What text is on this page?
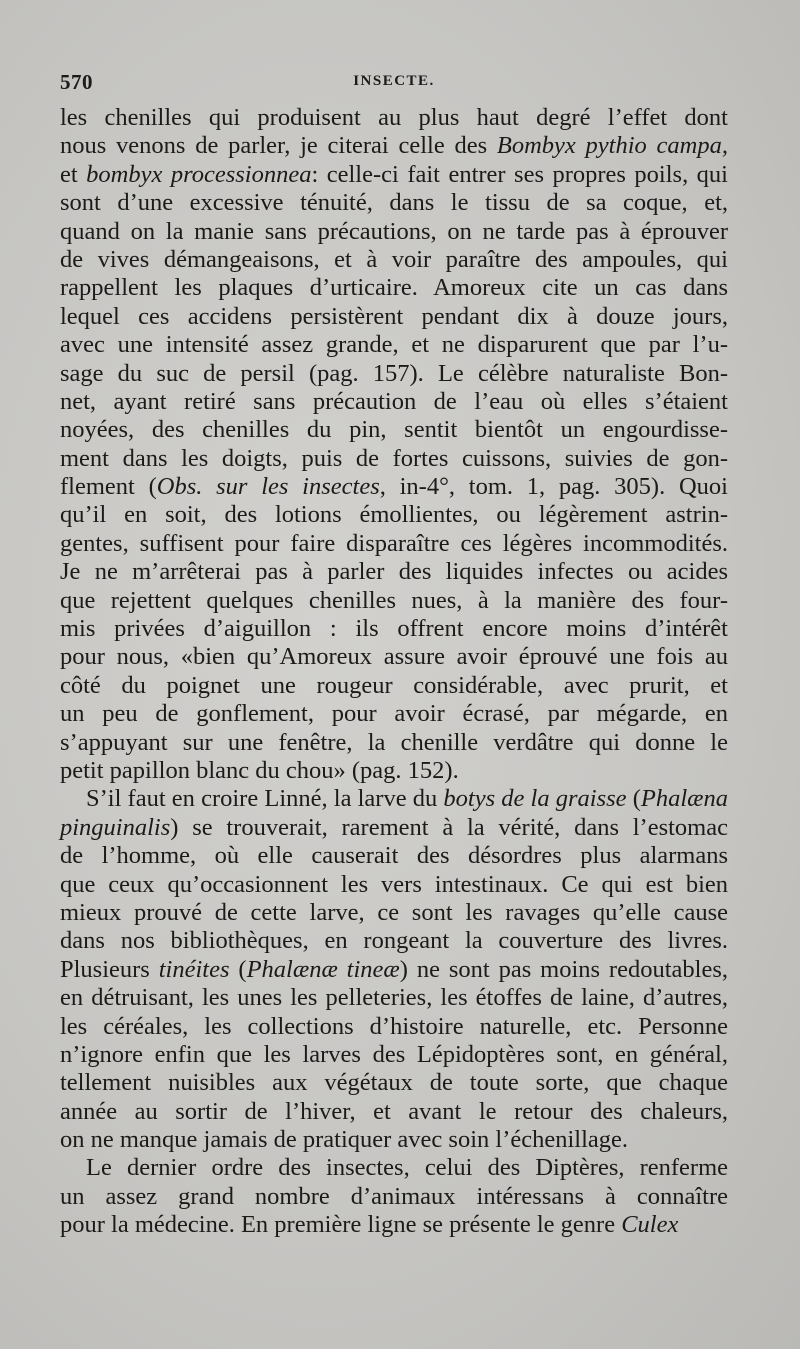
570	INSECTE.
les chenilles qui produisent au plus haut degré l’effet dont
nous venons de parler, je citerai celle des Bombyx pythio campa,
et bombyx processionnea: celle-ci fait entrer ses propres poils, qui
sont d’une excessive ténuité, dans le tissu de sa coque, et,
quand on la manie sans précautions, on ne tarde pas à éprouver
de vives démangeaisons, et à voir paraître des ampoules, qui
rappellent les plaques d’urticaire. Amoreux cite un cas dans
lequel ces accidens persistèrent pendant dix à douze jours,
avec une intensité assez grande, et ne disparurent que par l’u-
sage du suc de persil (pag. 157). Le célèbre naturaliste Bon-
net, ayant retiré sans précaution de l’eau où elles s’étaient
noyées, des chenilles du pin, sentit bientôt un engourdisse-
ment dans les doigts, puis de fortes cuissons, suivies de gon-
flement (Obs. sur les insectes, in-4°, tom. 1, pag. 305). Quoi
qu’il en soit, des lotions émollientes, ou légèrement astrin-
gentes, suffisent pour faire disparaître ces légères incommodités.
Je ne m’arrêterai pas à parler des liquides infectes ou acides
que rejettent quelques chenilles nues, à la manière des four-
mis privées d’aiguillon : ils offrent encore moins d’intérêt
pour nous, «bien qu’Amoreux assure avoir éprouvé une fois au
côté du poignet une rougeur considérable, avec prurit, et
un peu de gonflement, pour avoir écrasé, par mégarde, en
s’appuyant sur une fenêtre, la chenille verdâtre qui donne le
petit papillon blanc du chou» (pag. 152).
S’il faut en croire Linné, la larve du botys de la graisse (Phalæna
pinguinalis) se trouverait, rarement à la vérité, dans l’estomac
de l’homme, où elle causerait des désordres plus alarmans
que ceux qu’occasionnent les vers intestinaux. Ce qui est bien
mieux prouvé de cette larve, ce sont les ravages qu’elle cause
dans nos bibliothèques, en rongeant la couverture des livres.
Plusieurs tinéites (Phalænæ tineæ) ne sont pas moins redoutables,
en détruisant, les unes les pelleteries, les étoffes de laine, d’autres,
les céréales, les collections d’histoire naturelle, etc. Personne
n’ignore enfin que les larves des Lépidoptères sont, en général,
tellement nuisibles aux végétaux de toute sorte, que chaque
année au sortir de l’hiver, et avant le retour des chaleurs,
on ne manque jamais de pratiquer avec soin l’échenillage.
Le dernier ordre des insectes, celui des Diptères, renferme
un assez grand nombre d’animaux intéressans à connaître
pour la médecine. En première ligne se présente le genre Culex
